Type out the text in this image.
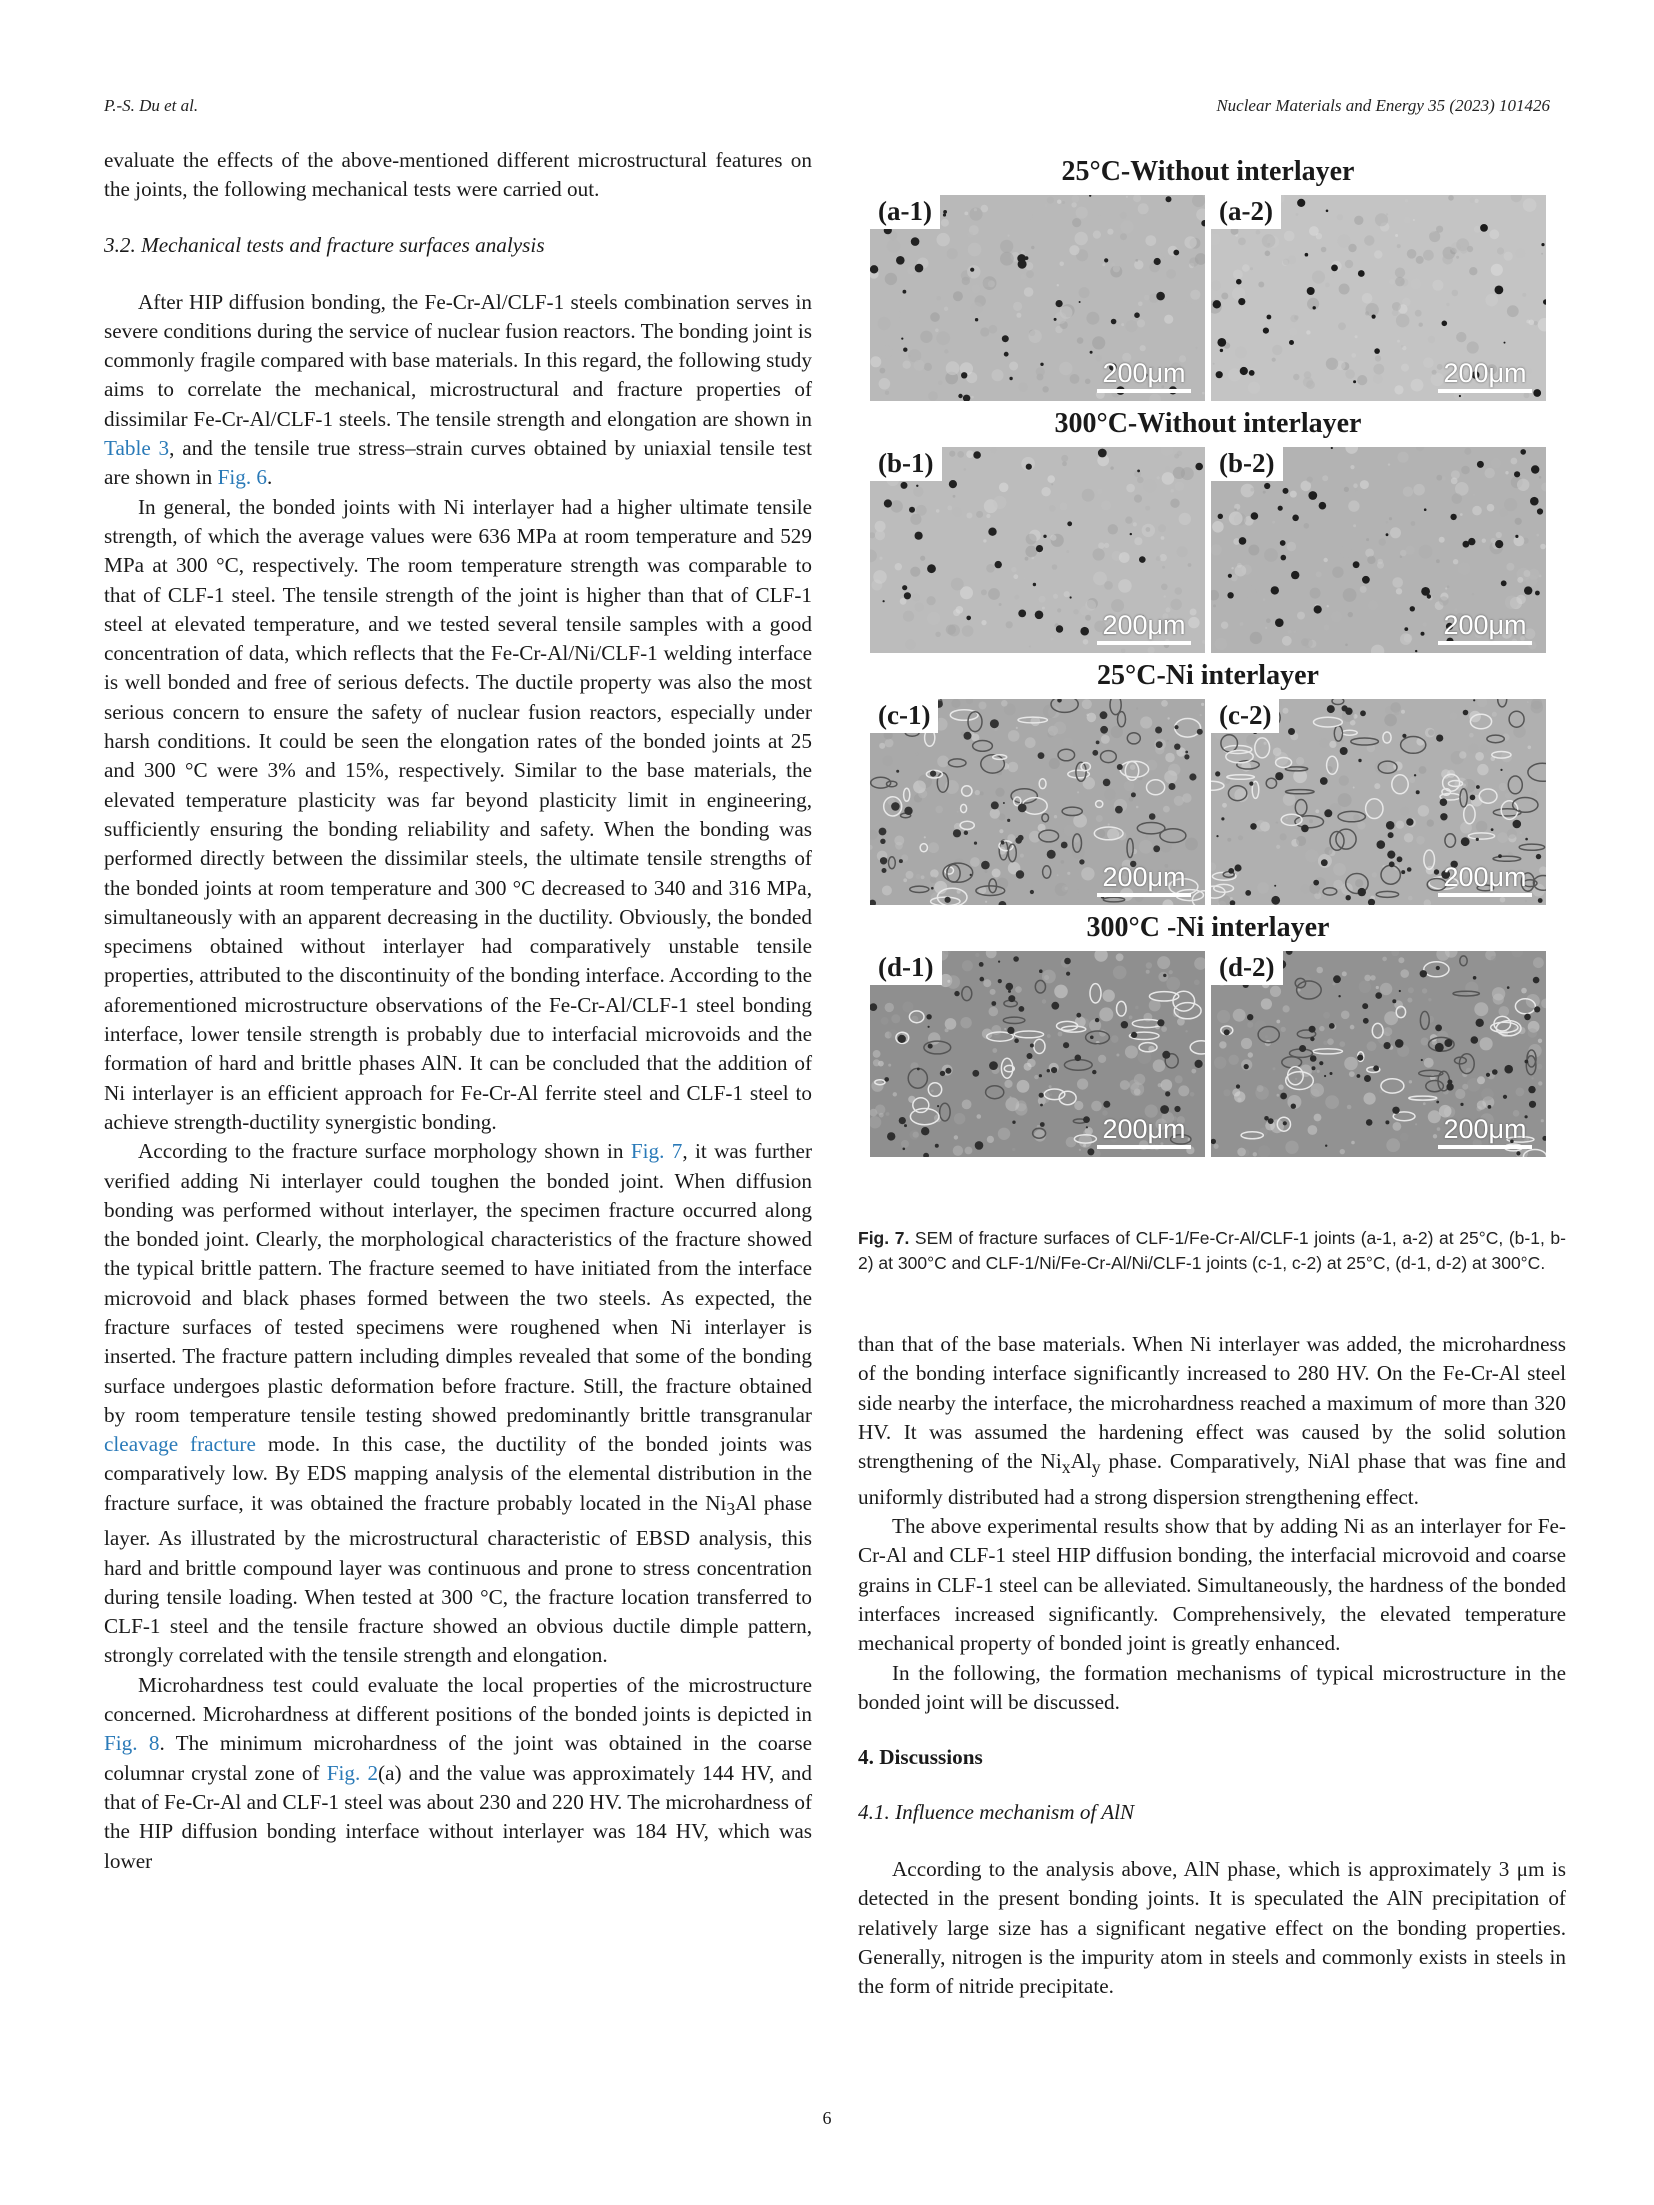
P.-S. Du et al.	Nuclear Materials and Energy 35 (2023) 101426

evaluate the effects of the above-mentioned different microstructural features on the joints, the following mechanical tests were carried out.

3.2. Mechanical tests and fracture surfaces analysis

After HIP diffusion bonding, the Fe-Cr-Al/CLF-1 steels combination serves in severe conditions during the service of nuclear fusion reactors. The bonding joint is commonly fragile compared with base materials. In this regard, the following study aims to correlate the mechanical, microstructural and fracture properties of dissimilar Fe-Cr-Al/CLF-1 steels. The tensile strength and elongation are shown in Table 3, and the tensile true stress–strain curves obtained by uniaxial tensile test are shown in Fig. 6.

In general, the bonded joints with Ni interlayer had a higher ultimate tensile strength, of which the average values were 636 MPa at room temperature and 529 MPa at 300 °C, respectively. The room temperature strength was comparable to that of CLF-1 steel. The tensile strength of the joint is higher than that of CLF-1 steel at elevated temperature, and we tested several tensile samples with a good concentration of data, which reflects that the Fe-Cr-Al/Ni/CLF-1 welding interface is well bonded and free of serious defects. The ductile property was also the most serious concern to ensure the safety of nuclear fusion reactors, especially under harsh conditions. It could be seen the elongation rates of the bonded joints at 25 and 300 °C were 3% and 15%, respectively. Similar to the base materials, the elevated temperature plasticity was far beyond plasticity limit in engineering, sufficiently ensuring the bonding reliability and safety. When the bonding was performed directly between the dissimilar steels, the ultimate tensile strengths of the bonded joints at room temperature and 300 °C decreased to 340 and 316 MPa, simultaneously with an apparent decreasing in the ductility. Obviously, the bonded specimens obtained without interlayer had comparatively unstable tensile properties, attributed to the discontinuity of the bonding interface. According to the aforementioned microstructure observations of the Fe-Cr-Al/CLF-1 steel bonding interface, lower tensile strength is probably due to interfacial microvoids and the formation of hard and brittle phases AlN. It can be concluded that the addition of Ni interlayer is an efficient approach for Fe-Cr-Al ferrite steel and CLF-1 steel to achieve strength-ductility synergistic bonding.

According to the fracture surface morphology shown in Fig. 7, it was further verified adding Ni interlayer could toughen the bonded joint. When diffusion bonding was performed without interlayer, the specimen fracture occurred along the bonded joint. Clearly, the morphological characteristics of the fracture showed the typical brittle pattern. The fracture seemed to have initiated from the interface microvoid and black phases formed between the two steels. As expected, the fracture surfaces of tested specimens were roughened when Ni interlayer is inserted. The fracture pattern including dimples revealed that some of the bonding surface undergoes plastic deformation before fracture. Still, the fracture obtained by room temperature tensile testing showed predominantly brittle transgranular cleavage fracture mode. In this case, the ductility of the bonded joints was comparatively low. By EDS mapping analysis of the elemental distribution in the fracture surface, it was obtained the fracture probably located in the $Ni_3Al$ phase layer. As illustrated by the microstructural characteristic of EBSD analysis, this hard and brittle compound layer was continuous and prone to stress concentration during tensile loading. When tested at 300 °C, the fracture location transferred to CLF-1 steel and the tensile fracture showed an obvious ductile dimple pattern, strongly correlated with the tensile strength and elongation.

Microhardness test could evaluate the local properties of the microstructure concerned. Microhardness at different positions of the bonded joints is depicted in Fig. 8. The minimum microhardness of the joint was obtained in the coarse columnar crystal zone of Fig. 2(a) and the value was approximately 144 HV, and that of Fe-Cr-Al and CLF-1 steel was about 230 and 220 HV. The microhardness of the HIP diffusion bonding interface without interlayer was 184 HV, which was lower

25°C-Without interlayer
(a-1)
200μm
(a-2)
200μm
300°C-Without interlayer
(b-1)
200μm
(b-2)
200μm
25°C-Ni interlayer
(c-1)
200μm
(c-2)
200μm
300°C -Ni interlayer
(d-1)
200μm
(d-2)
200μm
Fig. 7. SEM of fracture surfaces of CLF-1/Fe-Cr-Al/CLF-1 joints (a-1, a-2) at 25°C, (b-1, b-2) at 300°C and CLF-1/Ni/Fe-Cr-Al/Ni/CLF-1 joints (c-1, c-2) at 25°C, (d-1, d-2) at 300°C.

than that of the base materials. When Ni interlayer was added, the microhardness of the bonding interface significantly increased to 280 HV. On the Fe-Cr-Al steel side nearby the interface, the microhardness reached a maximum of more than 320 HV. It was assumed the hardening effect was caused by the solid solution strengthening of the $Ni_xAl_y$ phase. Comparatively, NiAl phase that was fine and uniformly distributed had a strong dispersion strengthening effect.

The above experimental results show that by adding Ni as an interlayer for Fe-Cr-Al and CLF-1 steel HIP diffusion bonding, the interfacial microvoid and coarse grains in CLF-1 steel can be alleviated. Simultaneously, the hardness of the bonded interfaces increased significantly. Comprehensively, the elevated temperature mechanical property of bonded joint is greatly enhanced.

In the following, the formation mechanisms of typical microstructure in the bonded joint will be discussed.

4. Discussions
4.1. Influence mechanism of AlN

According to the analysis above, AlN phase, which is approximately 3 μm is detected in the present bonding joints. It is speculated the AlN precipitation of relatively large size has a significant negative effect on the bonding properties. Generally, nitrogen is the impurity atom in steels and commonly exists in steels in the form of nitride precipitate.

6
